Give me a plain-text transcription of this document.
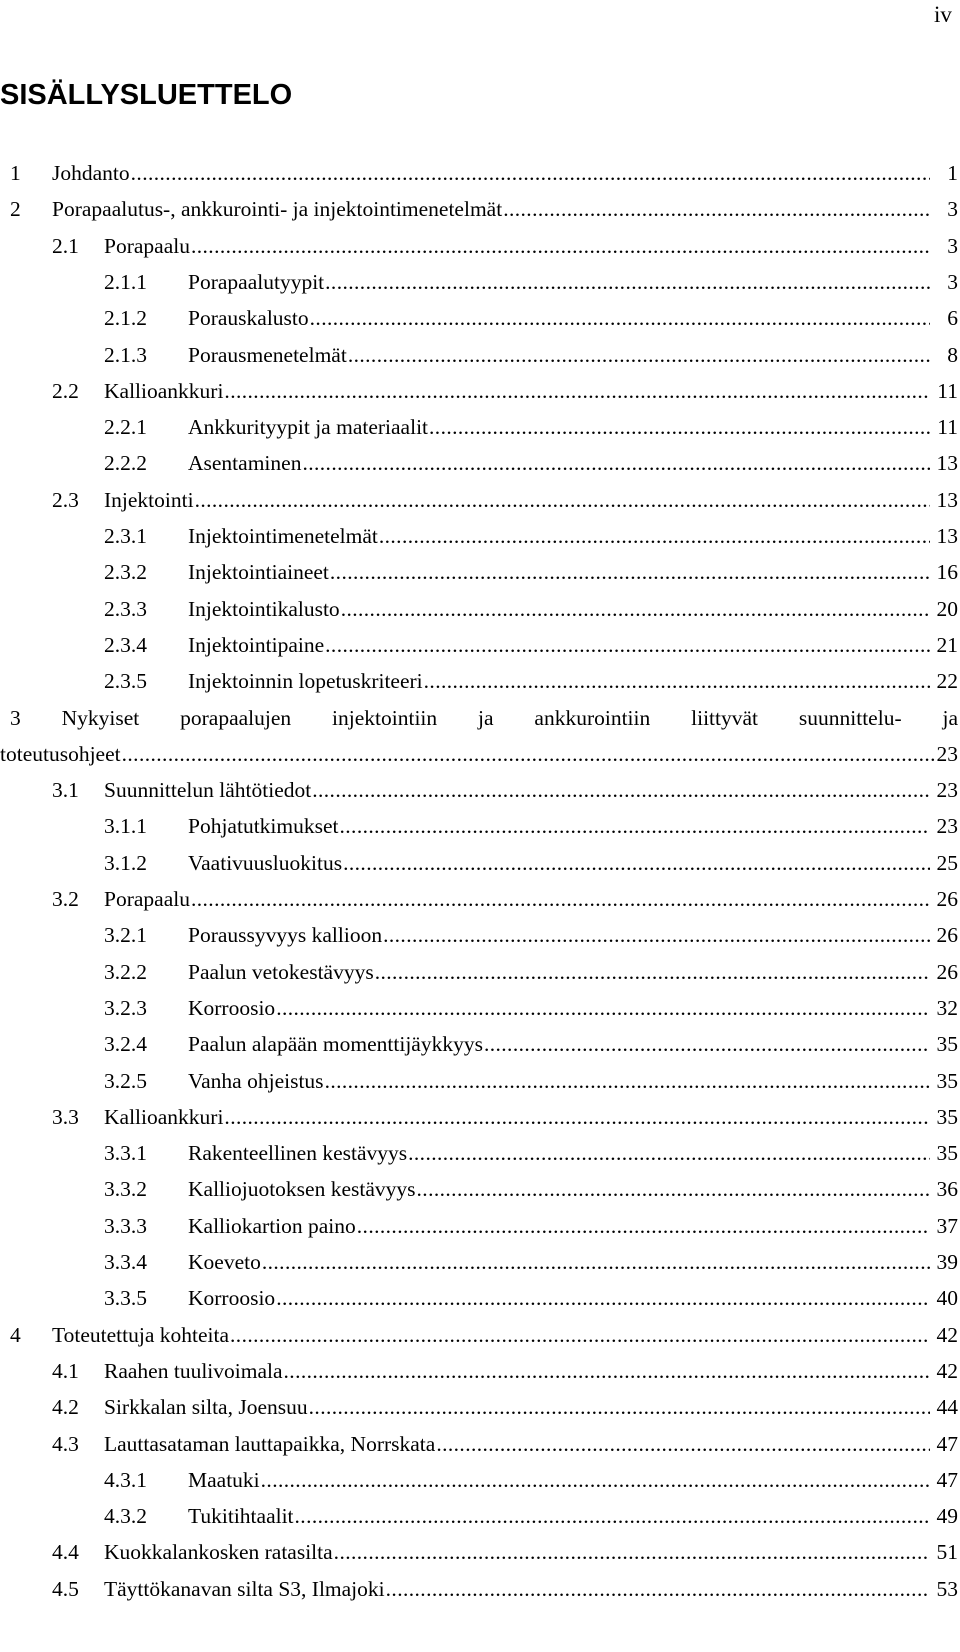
iv
SISÄLLYSLUETTELO
1 Johdanto .....	1
2 Porapaalutus-, ankkurointi- ja injektointimenetelmät .....	3
2.1 Porapaalu .....	3
2.1.1 Porapaalutyypit .....	3
2.1.2 Porauskalusto .....	6
2.1.3 Porausmenetelmät .....	8
2.2 Kallioankkuri .....	11
2.2.1 Ankkurityypit ja materiaalit .....	11
2.2.2 Asentaminen .....	13
2.3 Injektointi .....	13
2.3.1 Injektointimenetelmät .....	13
2.3.2 Injektointiaineet .....	16
2.3.3 Injektointikalusto .....	20
2.3.4 Injektointipaine .....	21
2.3.5 Injektoinnin lopetuskriteeri .....	22
3 Nykyiset porapaalujen injektointiin ja ankkurointiin liittyvät suunnittelu- ja
toteutusohjeet .....	23
3.1 Suunnittelun lähtötiedot .....	23
3.1.1 Pohjatutkimukset .....	23
3.1.2 Vaativuusluokitus .....	25
3.2 Porapaalu .....	26
3.2.1 Poraussyvyys kallioon .....	26
3.2.2 Paalun vetokestävyys .....	26
3.2.3 Korroosio .....	32
3.2.4 Paalun alapään momenttijäykkyys .....	35
3.2.5 Vanha ohjeistus .....	35
3.3 Kallioankkuri .....	35
3.3.1 Rakenteellinen kestävyys .....	35
3.3.2 Kalliojuotoksen kestävyys .....	36
3.3.3 Kalliokartion paino .....	37
3.3.4 Koeveto .....	39
3.3.5 Korroosio .....	40
4 Toteutettuja kohteita .....	42
4.1 Raahen tuulivoimala .....	42
4.2 Sirkkalan silta, Joensuu .....	44
4.3 Lauttasataman lauttapaikka, Norrskata .....	47
4.3.1 Maatuki .....	47
4.3.2 Tukitihtaalit .....	49
4.4 Kuokkalankosken ratasilta .....	51
4.5 Täyttökanavan silta S3, Ilmajoki .....	53
